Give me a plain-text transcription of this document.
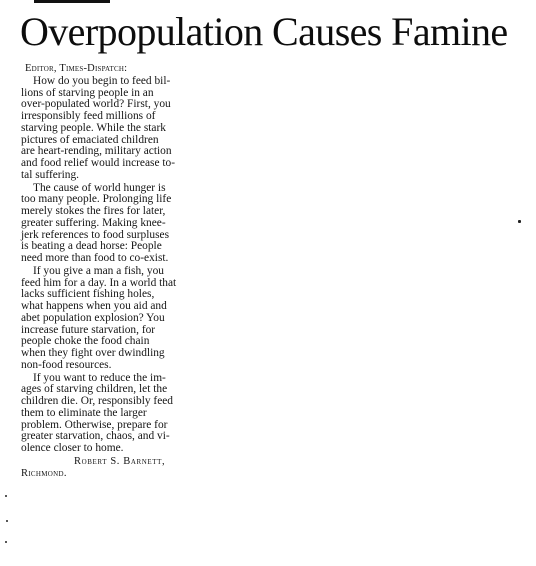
Overpopulation Causes Famine

Editor, Times-Dispatch:

How do you begin to feed bil-
lions of starving people in an
over-populated world? First, you
irresponsibly feed millions of
starving people. While the stark
pictures of emaciated children
are heart-rending, military action
and food relief would increase to-
tal suffering.

The cause of world hunger is
too many people. Prolonging life
merely stokes the fires for later,
greater suffering. Making knee-
jerk references to food surpluses
is beating a dead horse: People
need more than food to co-exist.

If you give a man a fish, you
feed him for a day. In a world that
lacks sufficient fishing holes,
what happens when you aid and
abet population explosion? You
increase future starvation, for
people choke the food chain
when they fight over dwindling
non-food resources.

If you want to reduce the im-
ages of starving children, let the
children die. Or, responsibly feed
them to eliminate the larger
problem. Otherwise, prepare for
greater starvation, chaos, and vi-
olence closer to home.

Robert S. Barnett,

Richmond.
